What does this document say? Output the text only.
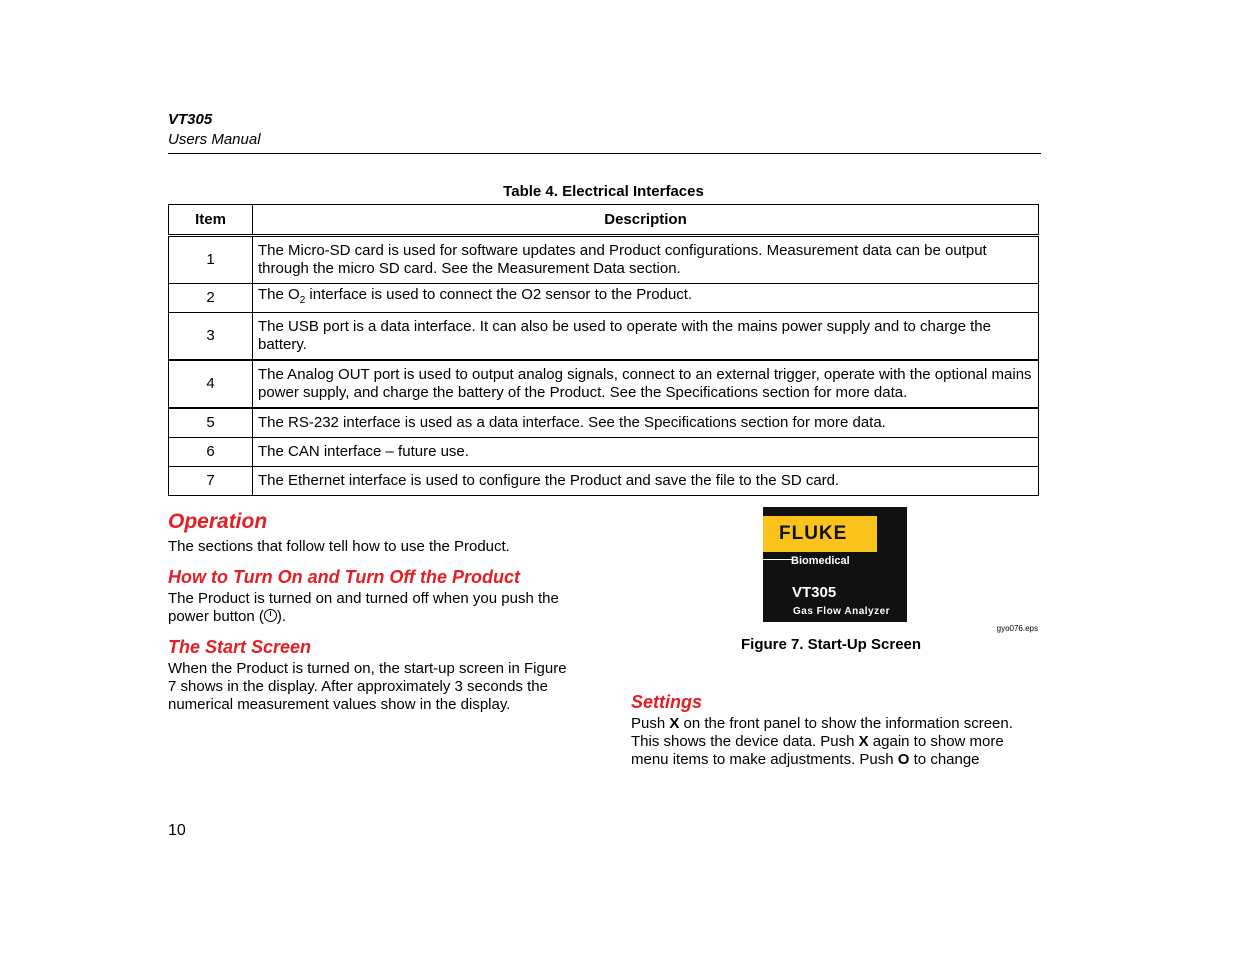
VT305
Users Manual
Table 4. Electrical Interfaces
Item	Description
1	The Micro-SD card is used for software updates and Product configurations. Measurement data can be output through the micro SD card. See the Measurement Data section.
2	The $O_2$ interface is used to connect the O2 sensor to the Product.
3	The USB port is a data interface. It can also be used to operate with the mains power supply and to charge the battery.
4	The Analog OUT port is used to output analog signals, connect to an external trigger, operate with the optional mains power supply, and charge the battery of the Product. See the Specifications section for more data.
5	The RS-232 interface is used as a data interface. See the Specifications section for more data.
6	The CAN interface – future use.
7	The Ethernet interface is used to configure the Product and save the file to the SD card.
Operation
The sections that follow tell how to use the Product.
How to Turn On and Turn Off the Product
The Product is turned on and turned off when you push the power button ( ).
The Start Screen
When the Product is turned on, the start-up screen in Figure 7 shows in the display. After approximately 3 seconds the numerical measurement values show in the display.
FLUKE
Biomedical
VT305
Gas Flow Analyzer
gyo076.eps
Figure 7. Start-Up Screen
Settings
Push X on the front panel to show the information screen. This shows the device data. Push X again to show more menu items to make adjustments. Push O to change
10
